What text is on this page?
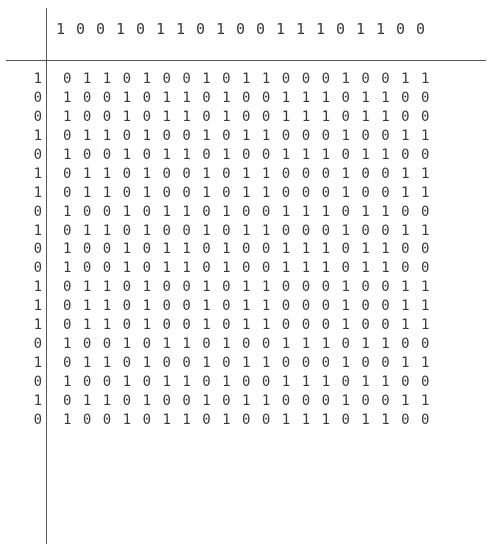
1 0 0 1 0 1 1 0 1 0 0 1 1 1 0 1 1 0 0
1
0
0
1
0
1
1
0
1
0
0
1
1
1
0
1
0
1
0
0 1 1 0 1 0 0 1 0 1 1 0 0 0 1 0 0 1 1
1 0 0 1 0 1 1 0 1 0 0 1 1 1 0 1 1 0 0
1 0 0 1 0 1 1 0 1 0 0 1 1 1 0 1 1 0 0
0 1 1 0 1 0 0 1 0 1 1 0 0 0 1 0 0 1 1
1 0 0 1 0 1 1 0 1 0 0 1 1 1 0 1 1 0 0
0 1 1 0 1 0 0 1 0 1 1 0 0 0 1 0 0 1 1
0 1 1 0 1 0 0 1 0 1 1 0 0 0 1 0 0 1 1
1 0 0 1 0 1 1 0 1 0 0 1 1 1 0 1 1 0 0
0 1 1 0 1 0 0 1 0 1 1 0 0 0 1 0 0 1 1
1 0 0 1 0 1 1 0 1 0 0 1 1 1 0 1 1 0 0
1 0 0 1 0 1 1 0 1 0 0 1 1 1 0 1 1 0 0
0 1 1 0 1 0 0 1 0 1 1 0 0 0 1 0 0 1 1
0 1 1 0 1 0 0 1 0 1 1 0 0 0 1 0 0 1 1
0 1 1 0 1 0 0 1 0 1 1 0 0 0 1 0 0 1 1
1 0 0 1 0 1 1 0 1 0 0 1 1 1 0 1 1 0 0
0 1 1 0 1 0 0 1 0 1 1 0 0 0 1 0 0 1 1
1 0 0 1 0 1 1 0 1 0 0 1 1 1 0 1 1 0 0
0 1 1 0 1 0 0 1 0 1 1 0 0 0 1 0 0 1 1
1 0 0 1 0 1 1 0 1 0 0 1 1 1 0 1 1 0 0
